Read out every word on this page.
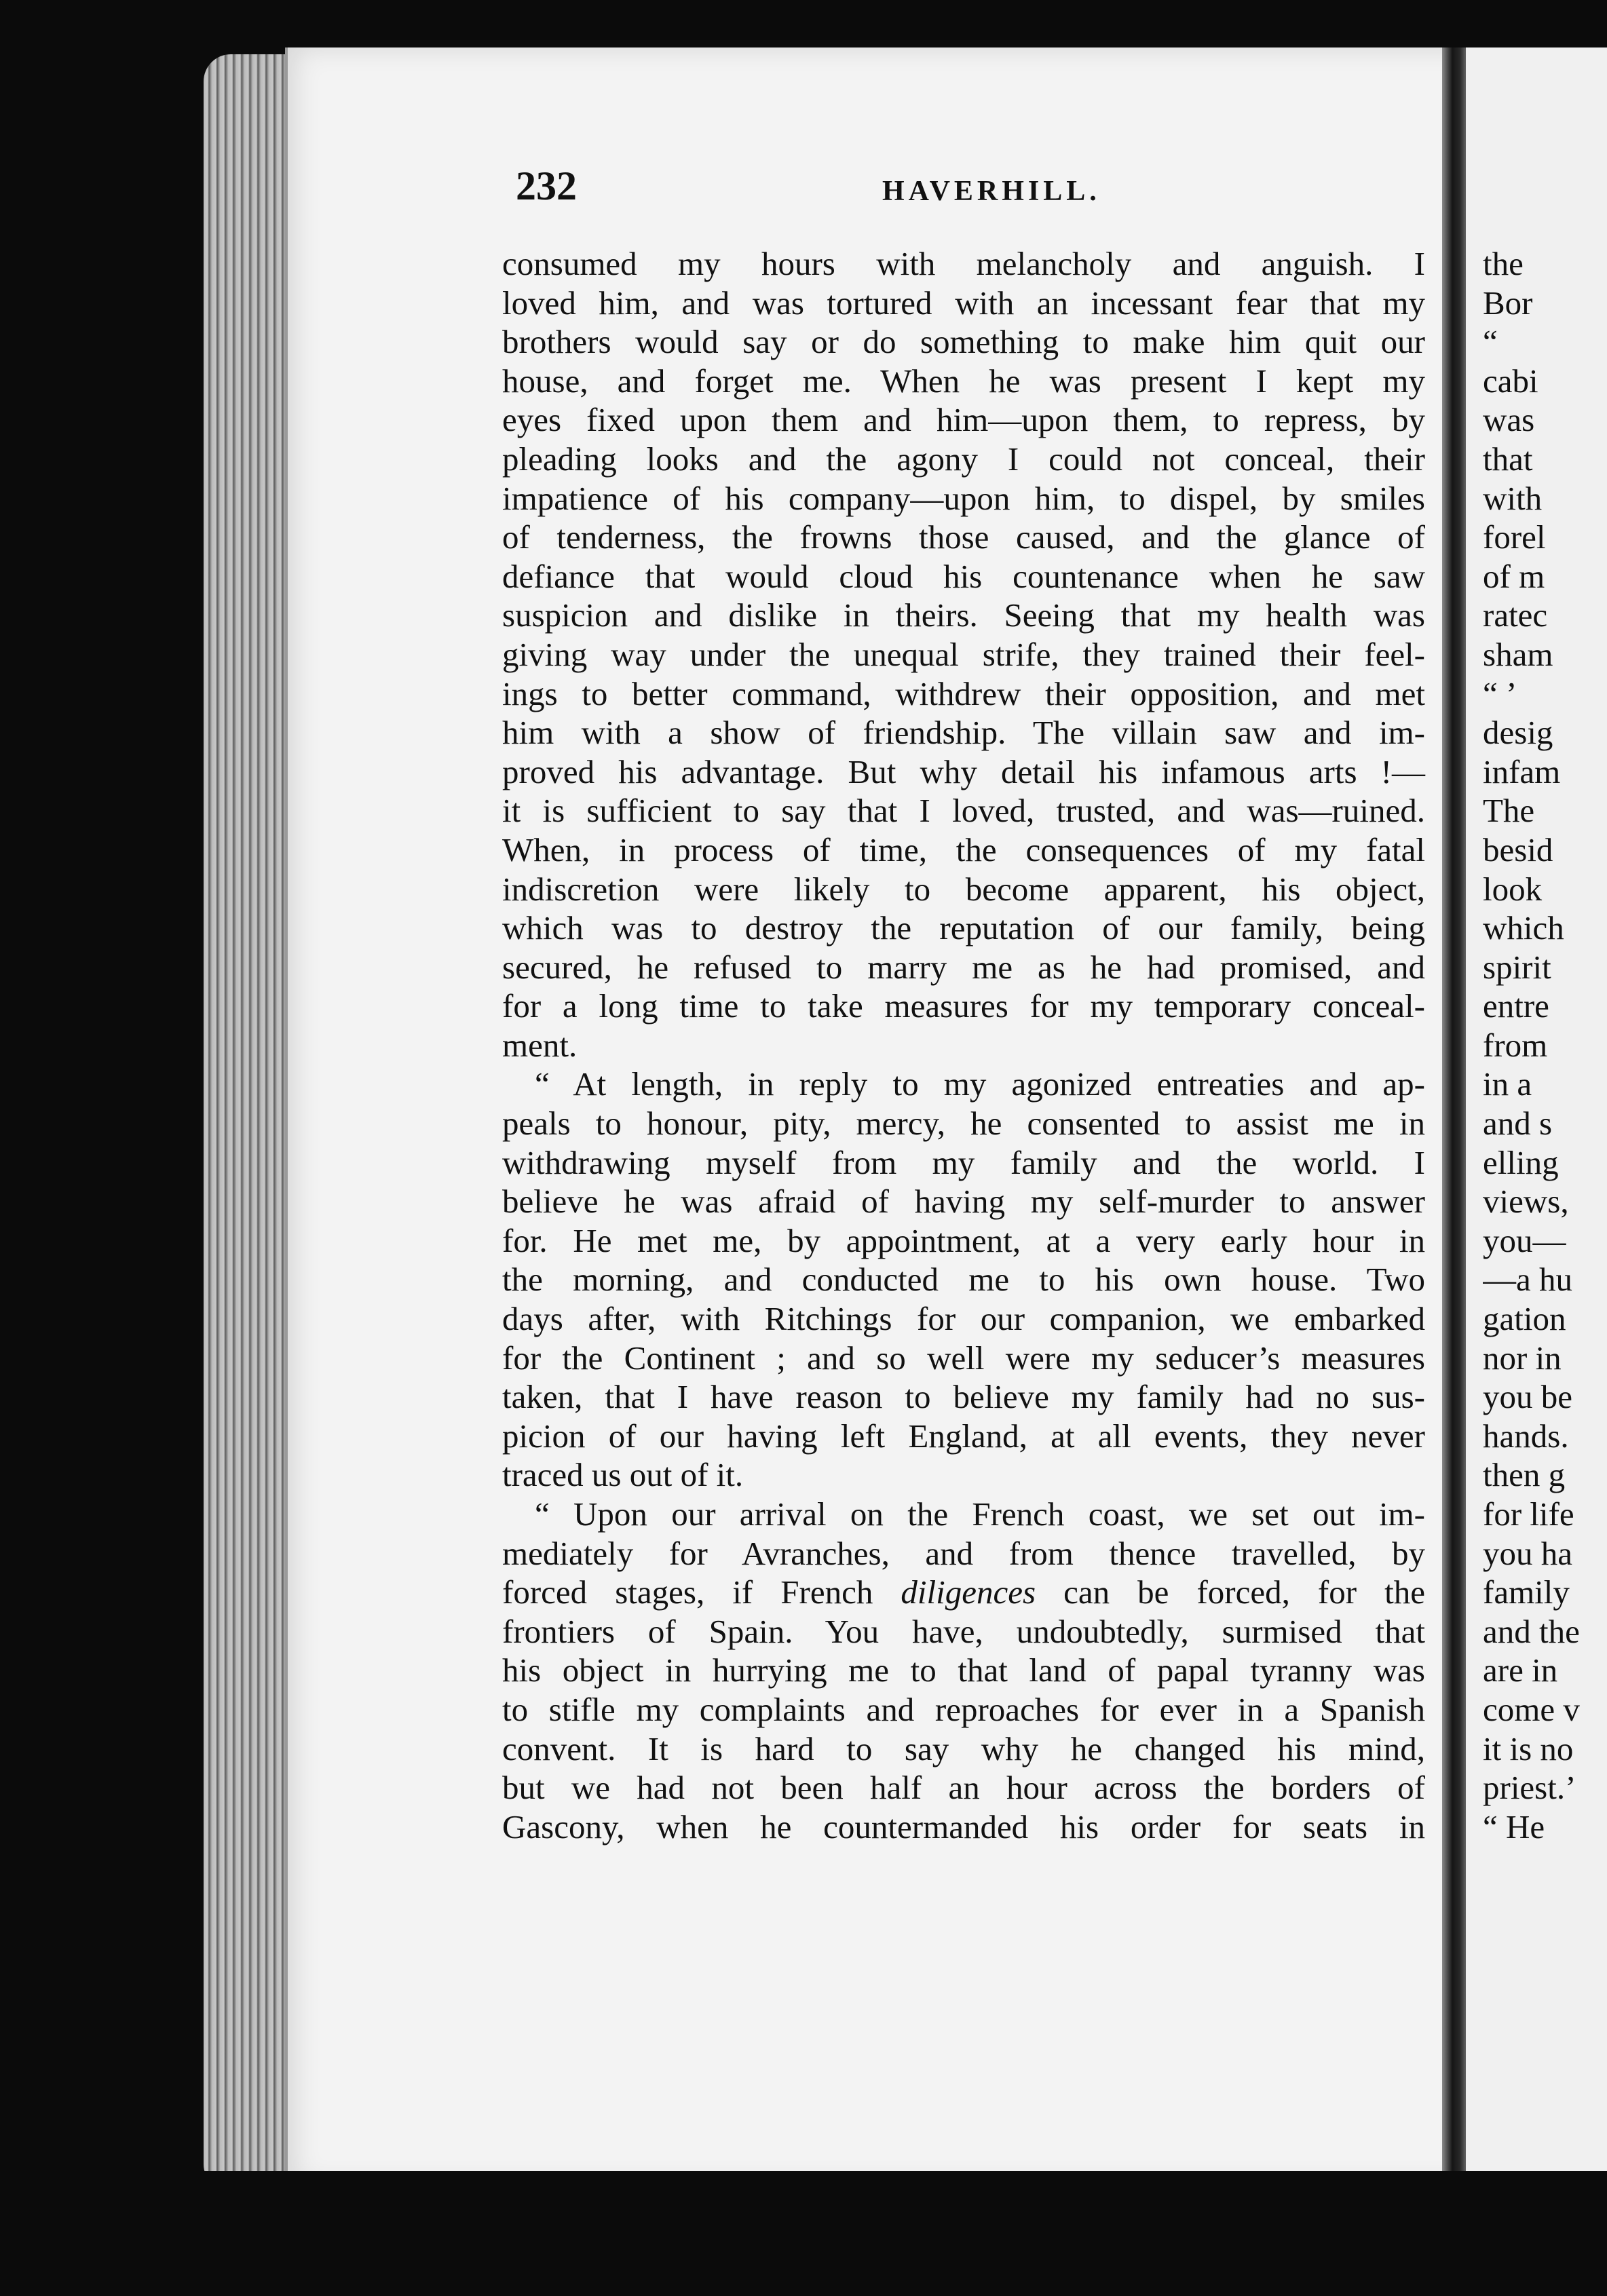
232	HAVERHILL.
consumed my hours with melancholy and anguish. I
loved him, and was tortured with an incessant fear that my
brothers would say or do something to make him quit our
house, and forget me. When he was present I kept my
eyes fixed upon them and him—upon them, to repress, by
pleading looks and the agony I could not conceal, their
impatience of his company—upon him, to dispel, by smiles
of tenderness, the frowns those caused, and the glance of
defiance that would cloud his countenance when he saw
suspicion and dislike in theirs. Seeing that my health was
giving way under the unequal strife, they trained their feel-
ings to better command, withdrew their opposition, and met
him with a show of friendship. The villain saw and im-
proved his advantage. But why detail his infamous arts !—
it is sufficient to say that I loved, trusted, and was—ruined.
When, in process of time, the consequences of my fatal
indiscretion were likely to become apparent, his object,
which was to destroy the reputation of our family, being
secured, he refused to marry me as he had promised, and
for a long time to take measures for my temporary conceal-
ment.
“ At length, in reply to my agonized entreaties and ap-
peals to honour, pity, mercy, he consented to assist me in
withdrawing myself from my family and the world. I
believe he was afraid of having my self-murder to answer
for. He met me, by appointment, at a very early hour in
the morning, and conducted me to his own house. Two
days after, with Ritchings for our companion, we embarked
for the Continent ; and so well were my seducer’s measures
taken, that I have reason to believe my family had no sus-
picion of our having left England, at all events, they never
traced us out of it.
“ Upon our arrival on the French coast, we set out im-
mediately for Avranches, and from thence travelled, by
forced stages, if French diligences can be forced, for the
frontiers of Spain. You have, undoubtedly, surmised that
his object in hurrying me to that land of papal tyranny was
to stifle my complaints and reproaches for ever in a Spanish
convent. It is hard to say why he changed his mind,
but we had not been half an hour across the borders of
Gascony, when he countermanded his order for seats in
the
Bor
“
cabi
was
that
with
forel
of m
ratec
sham
“ ’
desig
infam
The
besid
look
which
spirit
entre
from
in a
and s
elling
views,
you—
—a hu
gation
nor in
you be
hands.
then g
for life
you ha
family
and the
are in
come v
it is no
priest.’
“ He
